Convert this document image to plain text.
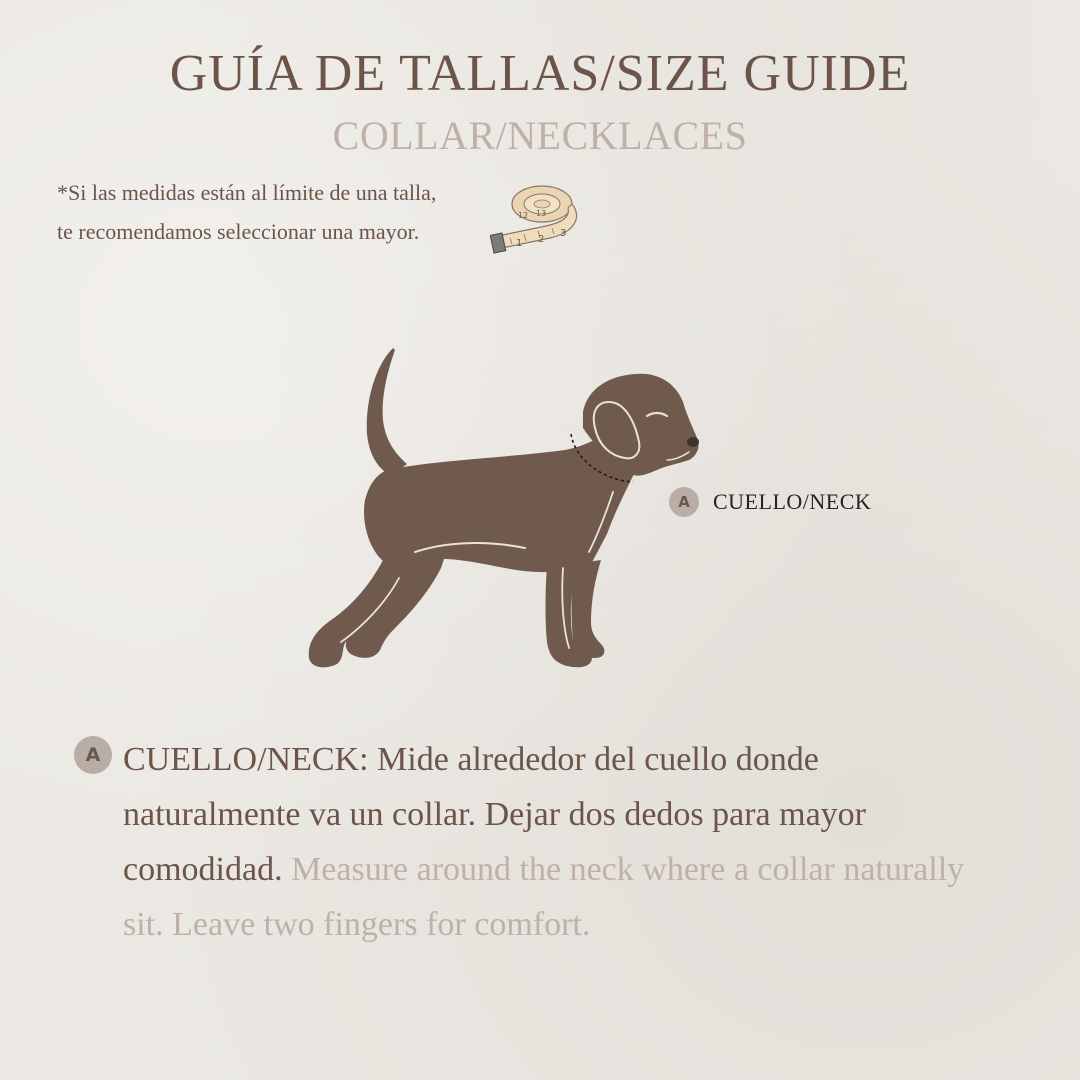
GUÍA DE TALLAS/SIZE GUIDE
COLLAR/NECKLACES
*Si las medidas están al límite de una talla, te recomendamos seleccionar una mayor.	1 2
3
12 13
A	CUELLO/NECK
A CUELLO/NECK: Mide alrededor del cuello donde naturalmente va un collar. Dejar dos dedos para mayor comodidad. Measure around the neck where a collar naturally sit. Leave two fingers for comfort.
